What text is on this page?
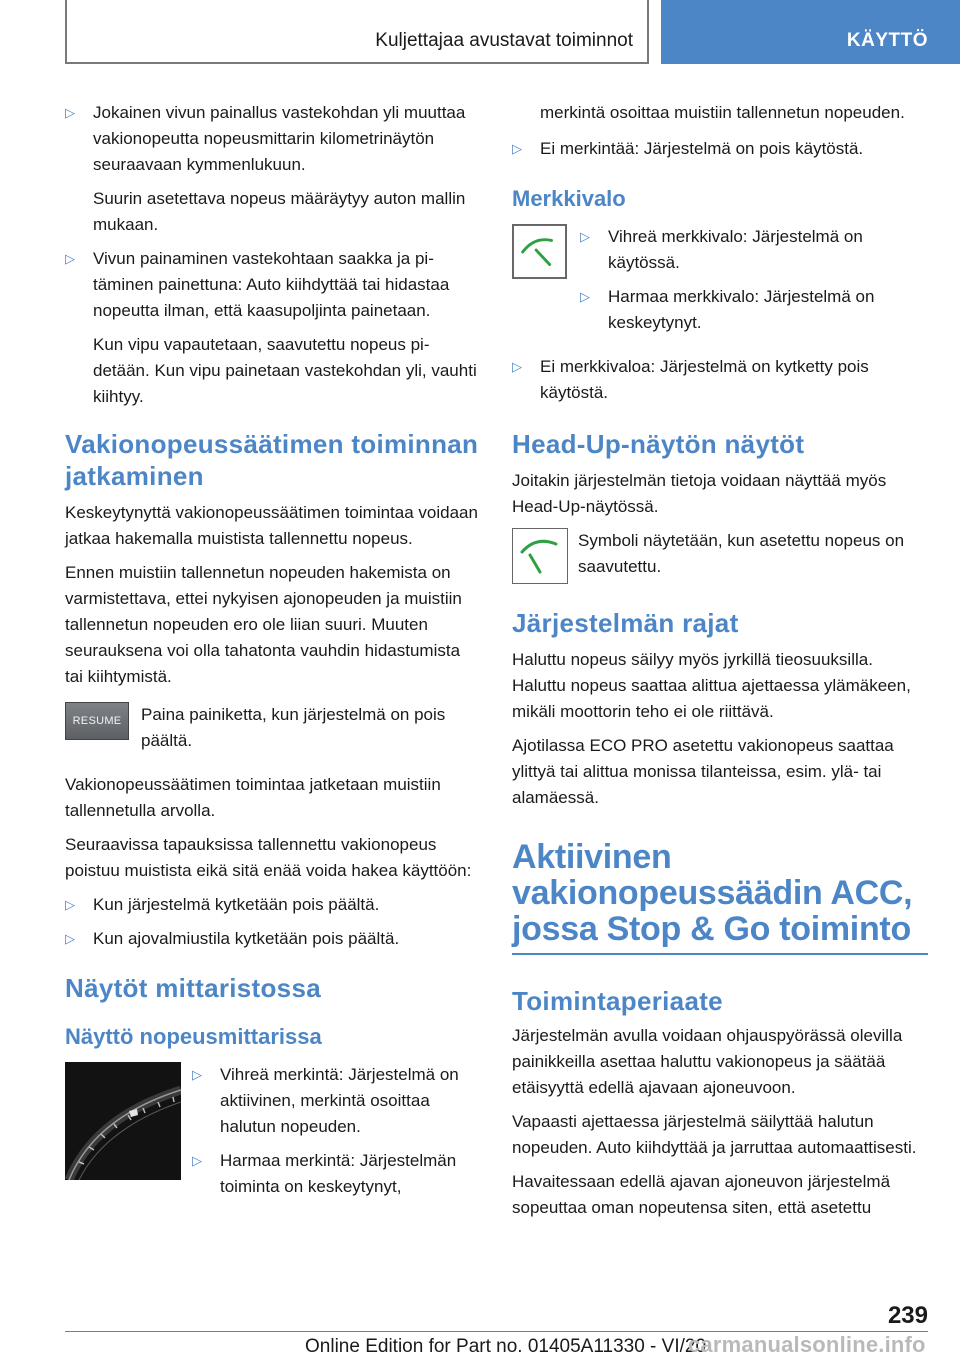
Kuljettajaa avustavat toiminnot	KÄYTTÖ
▷	Jokainen vivun painallus vastekohdan yli muuttaa vakionopeutta nopeusmittarin kilometrinäytön seuraavaan kymmenlukuun.
Suurin asetettava nopeus määräytyy auton mallin mukaan.
▷	Vivun painaminen vastekohtaan saakka ja pitäminen painettuna: Auto kiihdyttää tai hidastaa nopeutta ilman, että kaasupoljinta painetaan.
Kun vipu vapautetaan, saavutettu nopeus pidetään. Kun vipu painetaan vastekohdan yli, vauhti kiihtyy.
Vakionopeussäätimen toiminnan jatkaminen

Keskeytynyttä vakionopeussäätimen toimintaa voidaan jatkaa hakemalla muistista tallennettu nopeus.

Ennen muistiin tallennetun nopeuden hakemista on varmistettava, ettei nykyisen ajonopeuden ja muistiin tallennetun nopeuden ero ole liian suuri. Muuten seurauksena voi olla tahatonta vauhdin hidastumista tai kiihtymistä.

RESUME Paina painiketta, kun järjestelmä on pois päältä.

Vakionopeussäätimen toimintaa jatketaan muistiin tallennetulla arvolla.

Seuraavissa tapauksissa tallennettu vakionopeus poistuu muistista eikä sitä enää voida hakea käyttöön:

▷	Kun järjestelmä kytketään pois päältä.
▷	Kun ajovalmiustila kytketään pois päältä.
Näytöt mittaristossa
Näyttö nopeusmittarissa
▷	Vihreä merkintä: Järjestelmä on aktiivinen, merkintä osoittaa halutun nopeuden.
▷	Harmaa merkintä: Järjestelmän toiminta on keskeytynyt,

merkintä osoittaa muistiin tallennetun nopeuden.

▷	Ei merkintää: Järjestelmä on pois käytöstä.
Merkkivalo
▷	Vihreä merkkivalo: Järjestelmä on käytössä.
▷	Harmaa merkkivalo: Järjestelmä on keskeytynyt.
▷	Ei merkkivaloa: Järjestelmä on kytketty pois käytöstä.
Head-Up-näytön näytöt

Joitakin järjestelmän tietoja voidaan näyttää myös Head-Up-näytössä.

Symboli näytetään, kun asetettu nopeus on saavutettu.

Järjestelmän rajat

Haluttu nopeus säilyy myös jyrkillä tieosuuksilla. Haluttu nopeus saattaa alittua ajettaessa ylämäkeen, mikäli moottorin teho ei ole riittävä.

Ajotilassa ECO PRO asetettu vakionopeus saattaa ylittyä tai alittua monissa tilanteissa, esim. ylä- tai alamäessä.

Aktiivinen vakionopeussäädin ACC, jossa Stop & Go toiminto
Toimintaperiaate

Järjestelmän avulla voidaan ohjauspyörässä olevilla painikkeilla asettaa haluttu vakionopeus ja säätää etäisyyttä edellä ajavaan ajoneuvoon.

Vapaasti ajettaessa järjestelmä säilyttää halutun nopeuden. Auto kiihdyttää ja jarruttaa automaattisesti.

Havaitessaan edellä ajavan ajoneuvon järjestelmä sopeuttaa oman nopeutensa siten, että asetettu

239
Online Edition for Part no. 01405A11330 - VI/20
carmanualsonline.info
